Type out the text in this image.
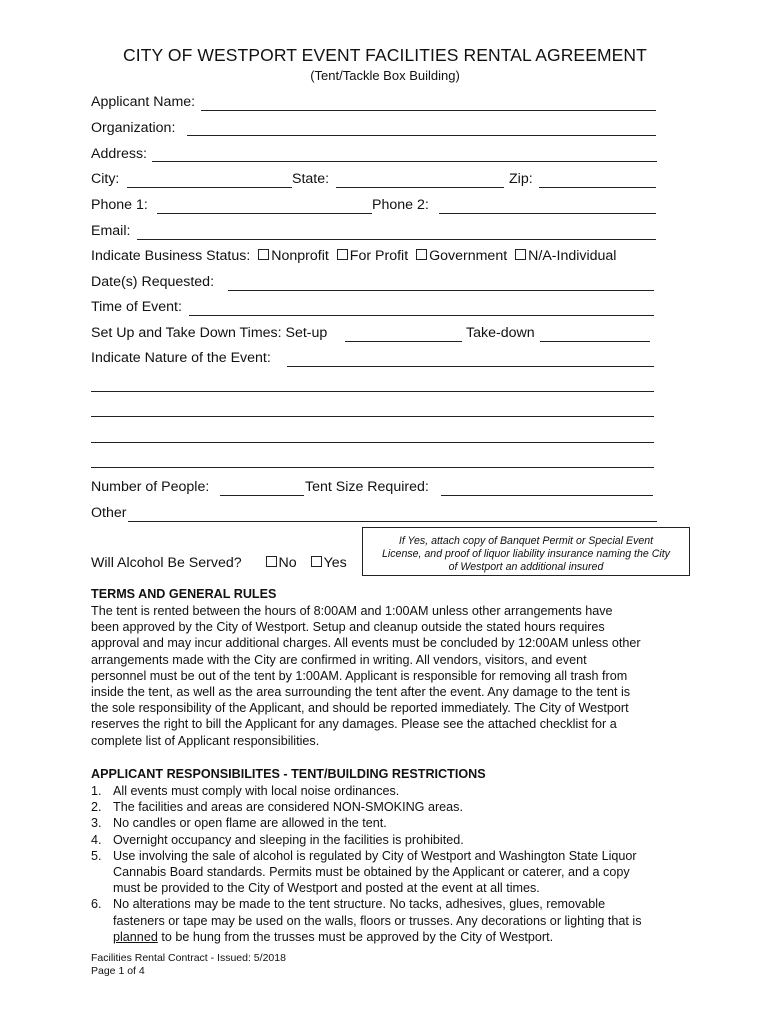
CITY OF WESTPORT EVENT FACILITIES RENTAL AGREEMENT
(Tent/Tackle Box Building)
Applicant Name:
Organization:
Address:
City:	State:	Zip:
Phone 1:	Phone 2:
Email:
Indicate Business Status: Nonprofit For Profit Government N/A-Individual
Date(s) Requested:
Time of Event:
Set Up and Take Down Times: Set-up	Take-down
Indicate Nature of the Event:
Number of People:	Tent Size Required:
Other
Will Alcohol Be Served?	No Yes
If Yes, attach copy of Banquet Permit or Special Event
License, and proof of liquor liability insurance naming the City
of Westport an additional insured
TERMS AND GENERAL RULES
The tent is rented between the hours of 8:00AM and 1:00AM unless other arrangements have
been approved by the City of Westport. Setup and cleanup outside the stated hours requires
approval and may incur additional charges. All events must be concluded by 12:00AM unless other
arrangements made with the City are confirmed in writing. All vendors, visitors, and event
personnel must be out of the tent by 1:00AM. Applicant is responsible for removing all trash from
inside the tent, as well as the area surrounding the tent after the event. Any damage to the tent is
the sole responsibility of the Applicant, and should be reported immediately. The City of Westport
reserves the right to bill the Applicant for any damages. Please see the attached checklist for a
complete list of Applicant responsibilities.
APPLICANT RESPONSIBILITES - TENT/BUILDING RESTRICTIONS
1. All events must comply with local noise ordinances.
2. The facilities and areas are considered NON-SMOKING areas.
3. No candles or open flame are allowed in the tent.
4. Overnight occupancy and sleeping in the facilities is prohibited.
5. Use involving the sale of alcohol is regulated by City of Westport and Washington State Liquor
Cannabis Board standards. Permits must be obtained by the Applicant or caterer, and a copy
must be provided to the City of Westport and posted at the event at all times.
6. No alterations may be made to the tent structure. No tacks, adhesives, glues, removable
fasteners or tape may be used on the walls, floors or trusses. Any decorations or lighting that is
planned to be hung from the trusses must be approved by the City of Westport.
Facilities Rental Contract - Issued: 5/2018
Page 1 of 4
